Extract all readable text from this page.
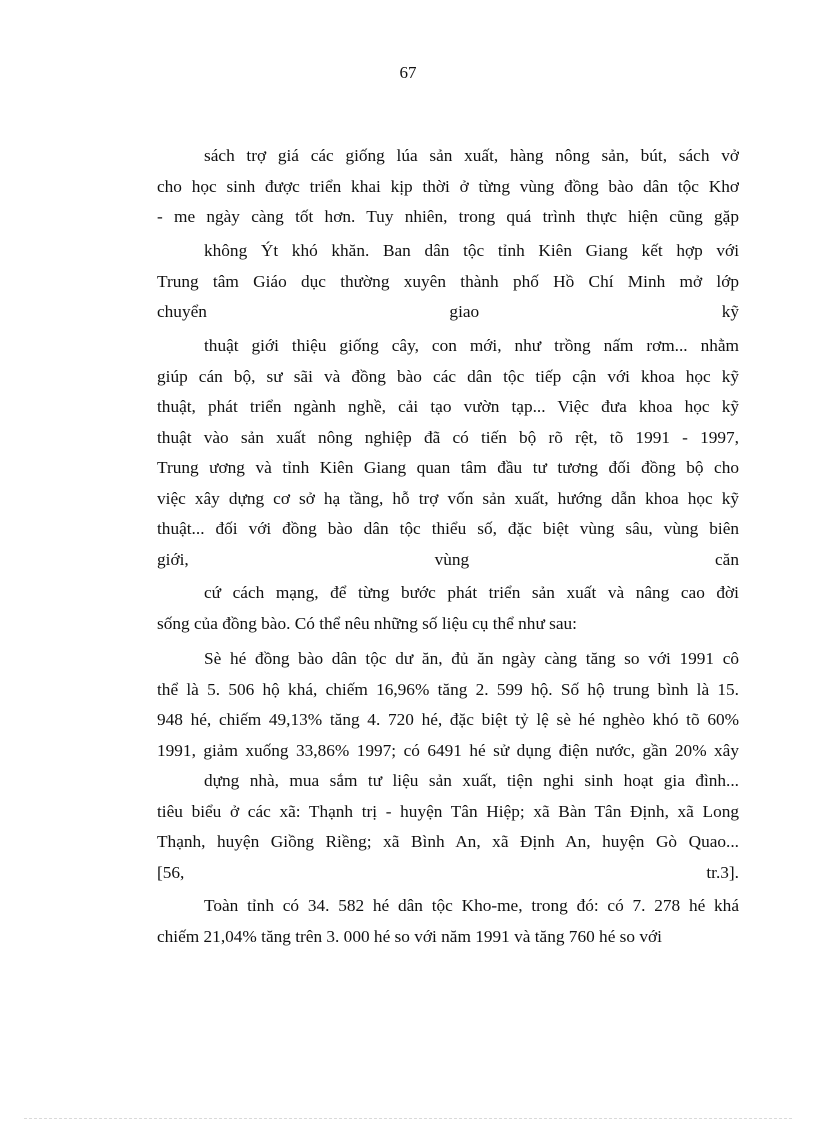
67
sách trợ giá các giống lúa sản xuất, hàng nông sản, bút, sách vở
cho học sinh được triển khai kịp thời ở từng vùng đồng bào dân tộc Khơ
- me ngày càng tốt hơn. Tuy nhiên, trong quá trình thực hiện cũng gặp
không Ýt khó khăn. Ban dân tộc tỉnh Kiên Giang kết hợp với
Trung tâm Giáo dục thường xuyên thành phố Hồ Chí Minh mở lớp
chuyển giao kỹ
thuật giới thiệu giống cây, con mới, như trồng nấm rơm... nhằm
giúp cán bộ, sư sãi và đồng bào các dân tộc tiếp cận với khoa học kỹ
thuật, phát triển ngành nghề, cải tạo vườn tạp... Việc đưa khoa học kỹ
thuật vào sản xuất nông nghiệp đã có tiến bộ rõ rệt, tõ 1991 - 1997,
Trung ương và tỉnh Kiên Giang quan tâm đầu tư tương đối đồng bộ cho
việc xây dựng cơ sở hạ tầng, hỗ trợ vốn sản xuất, hướng dẫn khoa học kỹ
thuật... đối với đồng bào dân tộc thiểu số, đặc biệt vùng sâu, vùng biên
giới, vùng căn
cứ cách mạng, để từng bước phát triển sản xuất và nâng cao đời
sống của đồng bào. Có thể nêu những số liệu cụ thể như sau:
Sè hé đồng bào dân tộc dư ăn, đủ ăn ngày càng tăng so với 1991 cô
thể là 5. 506 hộ khá, chiếm 16,96% tăng 2. 599 hộ. Số hộ trung bình là 15.
948 hé, chiếm 49,13% tăng 4. 720 hé, đặc biệt tỷ lệ sè hé nghèo khó tõ 60%
1991, giảm xuống 33,86% 1997; có 6491 hé sử dụng điện nước, gần 20% xây
dựng nhà, mua sắm tư liệu sản xuất, tiện nghi sinh hoạt gia đình...
tiêu biểu ở các xã: Thạnh trị - huyện Tân Hiệp; xã Bàn Tân Định, xã Long
Thạnh, huyện Giồng Riềng; xã Bình An, xã Định An, huyện Gò Quao...
[56, tr.3].
Toàn tỉnh có 34. 582 hé dân tộc Kho-me, trong đó: có 7. 278 hé khá
chiếm 21,04% tăng trên 3. 000 hé so với năm 1991 và tăng 760 hé so với
